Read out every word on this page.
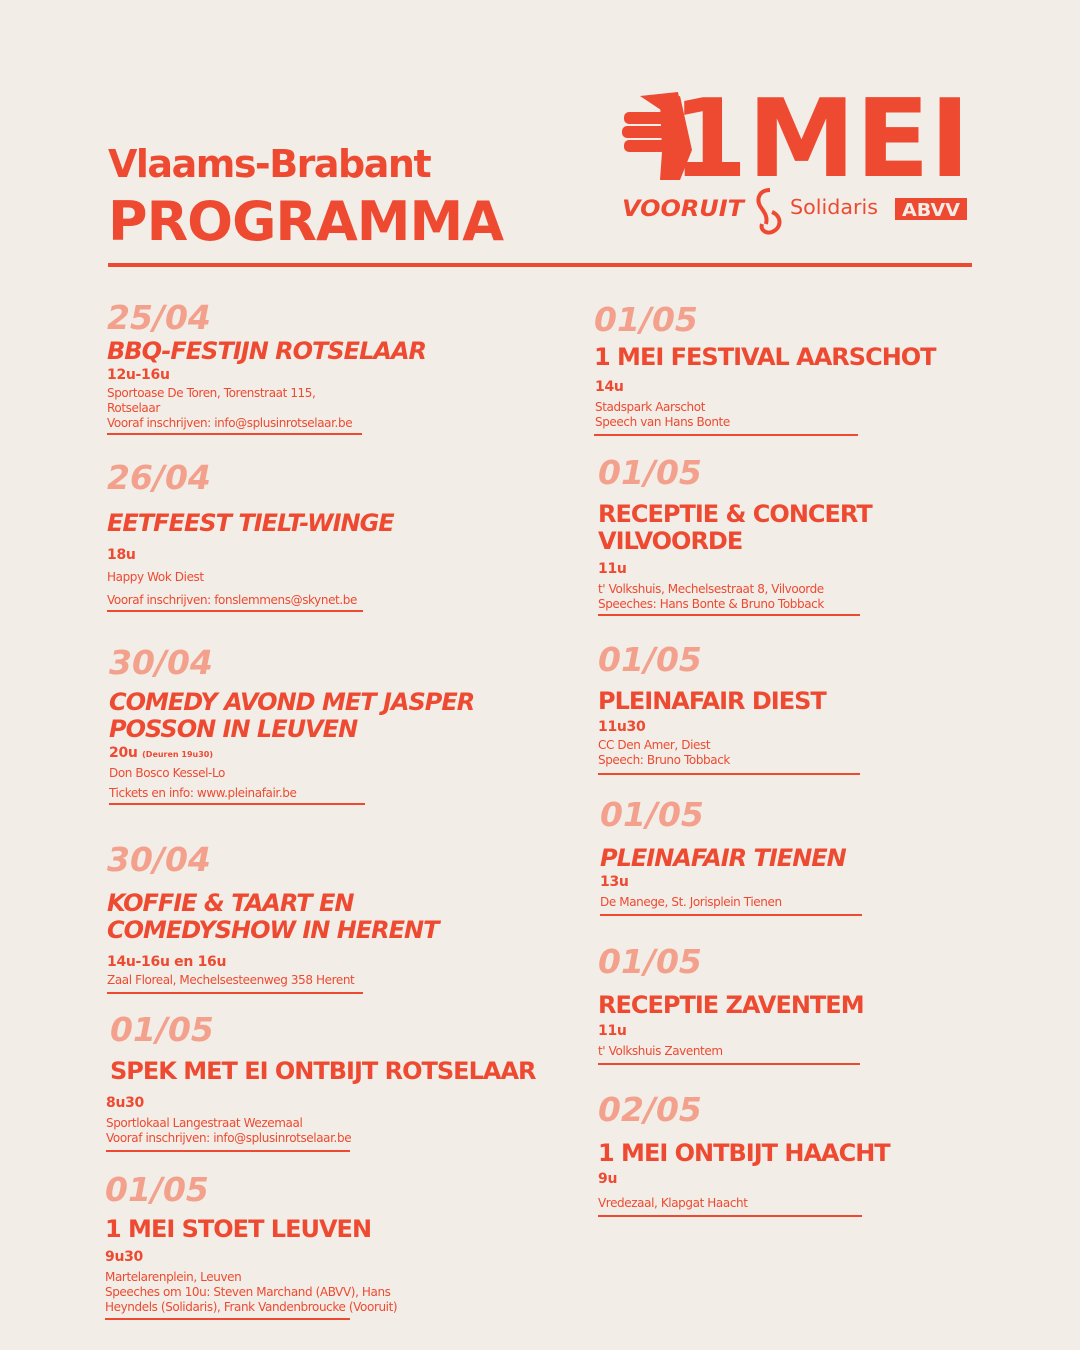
Vlaams-Brabant
PROGRAMMA
1MEI
VOORUIT Solidaris ABVV
25/04
BBQ-FESTIJN ROTSELAAR
12u-16u
Sportoase De Toren, Torenstraat 115,
Rotselaar
Vooraf inschrijven: info@splusinrotselaar.be
26/04
EETFEEST TIELT-WINGE
18u
Happy Wok Diest
Vooraf inschrijven: fonslemmens@skynet.be
30/04
COMEDY AVOND MET JASPER POSSON IN LEUVEN
20u (Deuren 19u30)
Don Bosco Kessel-Lo
Tickets en info: www.pleinafair.be
30/04
KOFFIE & TAART EN COMEDYSHOW IN HERENT
14u-16u en 16u
Zaal Floreal, Mechelsesteenweg 358 Herent
01/05
SPEK MET EI ONTBIJT ROTSELAAR
8u30
Sportlokaal Langestraat Wezemaal
Vooraf inschrijven: info@splusinrotselaar.be
01/05
1 MEI STOET LEUVEN
9u30
Martelarenplein, Leuven
Speeches om 10u: Steven Marchand (ABVV), Hans
Heyndels (Solidaris), Frank Vandenbroucke (Vooruit)
01/05
1 MEI FESTIVAL AARSCHOT
14u
Stadspark Aarschot
Speech van Hans Bonte
01/05
RECEPTIE & CONCERT VILVOORDE
11u
t' Volkshuis, Mechelsestraat 8, Vilvoorde
Speeches: Hans Bonte & Bruno Tobback
01/05
PLEINAFAIR DIEST
11u30
CC Den Amer, Diest
Speech: Bruno Tobback
01/05
PLEINAFAIR TIENEN
13u
De Manege, St. Jorisplein Tienen
01/05
RECEPTIE ZAVENTEM
11u
t' Volkshuis Zaventem
02/05
1 MEI ONTBIJT HAACHT
9u
Vredezaal, Klapgat Haacht
